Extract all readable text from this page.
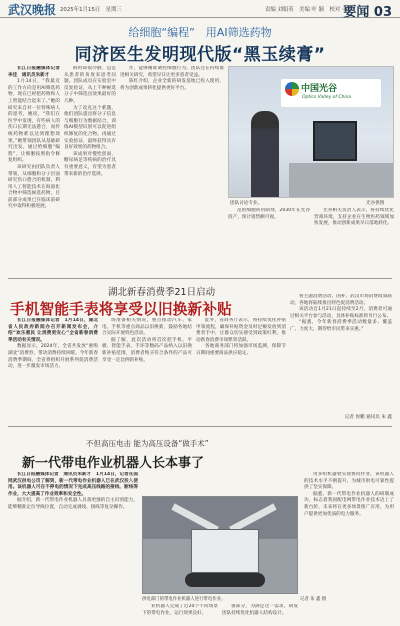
武汉晚报 2025年1月15日　星期三	责编 刘娟英　美编 叶 颖　校对 毛莎
要闻 03
给细胞“编程”　用AI筛选药物
同济医生发明现代版“黑玉续膏”

长江日报融媒体记者李佳　通讯员朱新才

1月14日，“我最近的工作方向是用AI筛选药物，现在已经把药物和人工智能结合起来了。”她的研究来自对一位特殊病人的思考，她说，“我们在医学中发现，有些病人的伤口长期无法愈合，而传统药物难以达到理想效果。”她带领团队从基础研究出发，通过给细胞“编程”，让细胞按照指令修复组织。

该研究由团队负责人带领，从细胞和分子层面研究伤口愈合的机制，利用人工智能技术在海量化合物中筛选候选药物，目前部分成果已在临床前研究中取得积极进展。

病时却很冷静，总是从患者的角度来思考问题。团队成员在实验室中反复验证，从上千种候选分子中筛选出效果最好的几种。

为了攻克这个难题，他们团队提出将分子信息与细胞行为数据结合，训练AI模型识别可以促进组织修复的化合物。再通过实验验证，最终获得具有良好效果的药物组合。

该成果对慢性创面、糖尿病足等疾病的治疗具有重要意义，有望为患者带来新的治疗选择。

作，能够精准调控细胞行为。团队还在持续推进相关研究，希望早日让更多患者受益。

陈红介绍，企业全新的研发基地已投入使用，将为创新成果转化提供更好平台。	中国光谷
Optics Valley of China
团队讨论专业。	光谷供图

范的细胞药用制剂，2030年在光谷投产，预计销售额可观。

光谷相关负责人表示，将持续优化营商环境，支持企业在生物医药领域加快发展，推动创新成果早日落地转化。

湖北新春消费季21日启动
手机智能手表将享受以旧换新补贴

长江日报融媒体记者　1月14日，湖北省人民政府新闻办召开新闻发布会，介绍“欢乐惠民 让消费更安心”全省新春消费季活动有关情况。

数据显示，2024年，全省共发放“惠购湖北”消费券，带动消费持续回暖。今年新春消费季期间，全省将组织开展系列促消费活动，进一步激发市场活力。

场准备相关情况，重点推动汽车、家电、手机等重点商品以旧换新，鼓励各地结合实际开展特色活动。

据了解，此次活动将首次把手机、平板、智能手表、手环等数码产品纳入以旧换新补贴范围，消费者购买符合条件的产品可享受一定比例的补贴。

此外，省商务厅表示，将持续优化补贴申领流程，确保补贴资金及时足额发放到消费者手中，让群众切实感受到政策红利，推动新春消费市场繁荣活跃。

各地商务部门将加强市场监测，保障节日期间重要商品供应稳定。

将主题消费活动、国补、武汉市场消费政策联动，各地将陆续推出特色促消费活动。

该活动自1月21日起持续至2月，消费者可通过相关平台参与活动，具体补贴标准将另行公布。

“据悉，今年新春消费季活动数量多、覆盖广、力度大，期待给市民带来实惠。”

记者 侯鹏 通讯员 朱 鑫
不但高压电击 能为高压设备“做手术”
新一代带电作业机器人长本事了

长江日报融媒体记者　通讯员朱新才　1月14日，记者在国网武汉供电公司了解到，新一代带电作业机器人已在武汉投入使用。该机器人可在不停电的情况下完成高压线路的接线、断线等作业，大大提高了作业效率和安全性。

据介绍，新一代带电作业机器人具备更强的自主识别能力，能够精准定位导线位置，自动完成剥线、接线等复杂操作。

业机器人完成了近20个不同场景下的带电作业，运行效果良好。

备部分，为满足这一需求，研发团队持续优化机器人结构设计。

用多组机器臂实现协同作业，该机器人的技术水平不断提升，为城市供电可靠性提供了坚实保障。

据悉，新一代带电作业机器人的研制成功，标志着我国配电网带电作业技术迈上了新台阶，未来将在更多场景推广应用，为用户提供更加优质的电力服务。

供电部门的带电作业机器人进行带电作业。	记者 朱 鑫 摄
